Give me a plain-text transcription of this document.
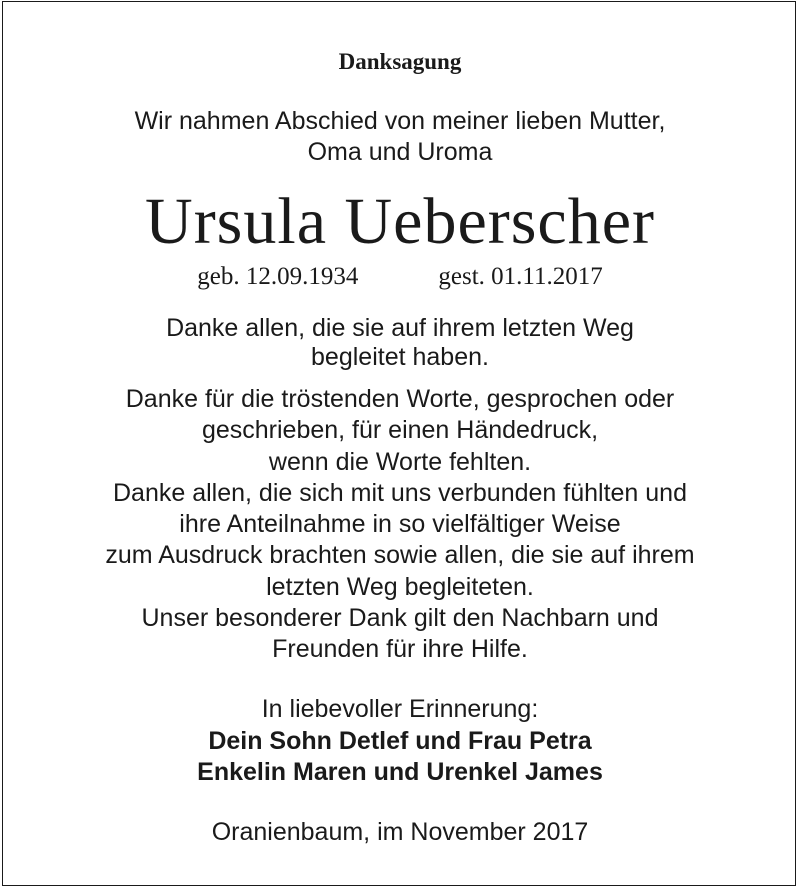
Danksagung
Wir nahmen Abschied von meiner lieben Mutter,
Oma und Uroma
Ursula Ueberscher
geb. 12.09.1934	gest. 01.11.2017
Danke allen, die sie auf ihrem letzten Weg
begleitet haben.
Danke für die tröstenden Worte, gesprochen oder
geschrieben, für einen Händedruck,
wenn die Worte fehlten.
Danke allen, die sich mit uns verbunden fühlten und
ihre Anteilnahme in so vielfältiger Weise
zum Ausdruck brachten sowie allen, die sie auf ihrem
letzten Weg begleiteten.
Unser besonderer Dank gilt den Nachbarn und
Freunden für ihre Hilfe.
In liebevoller Erinnerung:
Dein Sohn Detlef und Frau Petra
Enkelin Maren und Urenkel James
Oranienbaum, im November 2017
